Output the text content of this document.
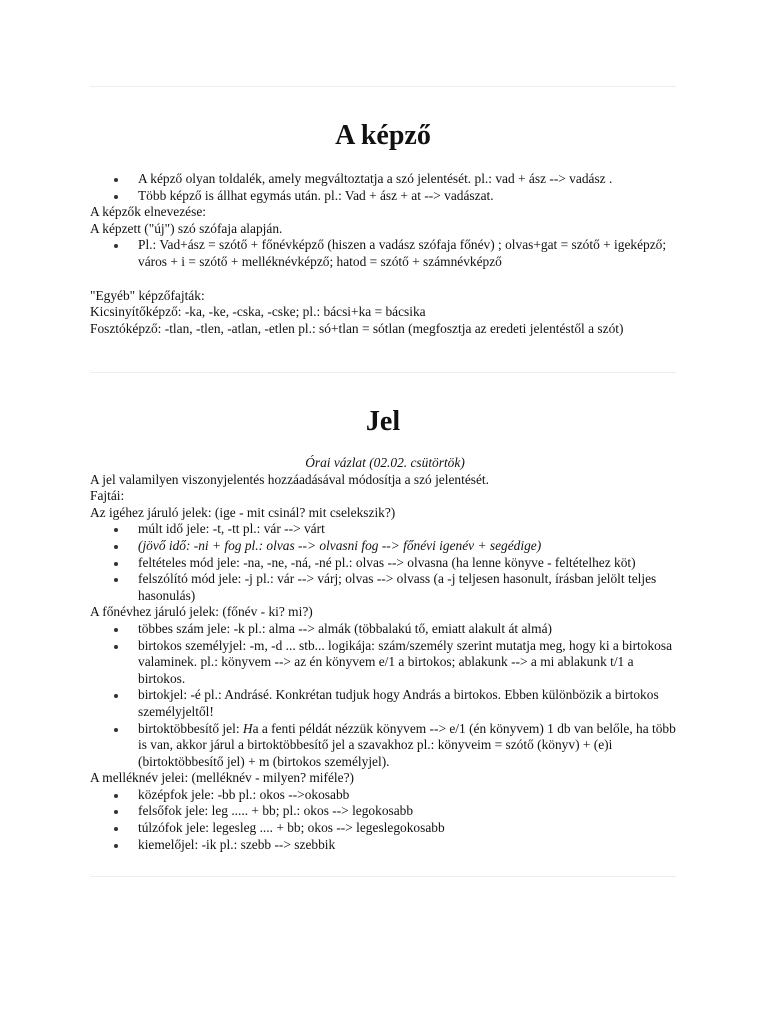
A képző
A képző olyan toldalék, amely megváltoztatja a szó jelentését. pl.: vad + ász --> vadász .
Több képző is állhat egymás után. pl.: Vad + ász + at --> vadászat.

A képzők elnevezése:

A képzett ("új") szó szófaja alapján.

Pl.: Vad+ász = szótő + főnévképző (hiszen a vadász szófaja főnév) ; olvas+gat = szótő + igeképző; város + i = szótő + melléknévképző; hatod = szótő + számnévképző

"Egyéb" képzőfajták:

Kicsinyítőképző: -ka, -ke, -cska, -cske; pl.: bácsi+ka = bácsika

Fosztóképző: -tlan, -tlen, -atlan, -etlen pl.: só+tlan = sótlan (megfosztja az eredeti jelentéstől a szót)

Jel

Órai vázlat (02.02. csütörtök)

A jel valamilyen viszonyjelentés hozzáadásával módosítja a szó jelentését.

Fajtái:

Az igéhez járuló jelek: (ige - mit csinál? mit cselekszik?)

múlt idő jele: -t, -tt pl.: vár --> várt
(jövő idő: -ni + fog pl.: olvas --> olvasni fog --> főnévi igenév + segédige)
feltételes mód jele: -na, -ne, -ná, -né pl.: olvas --> olvasna (ha lenne könyve - feltételhez köt)
felszólító mód jele: -j pl.: vár --> várj; olvas --> olvass (a -j teljesen hasonult, írásban jelölt teljes hasonulás)

A főnévhez járuló jelek: (főnév - ki? mi?)

többes szám jele: -k pl.: alma --> almák (többalakú tő, emiatt alakult át almá)
birtokos személyjel: -m, -d ... stb... logikája: szám/személy szerint mutatja meg, hogy ki a birtokosa valaminek. pl.: könyvem --> az én könyvem e/1 a birtokos; ablakunk --> a mi ablakunk t/1 a birtokos.
birtokjel: -é pl.: Andrásé. Konkrétan tudjuk hogy András a birtokos. Ebben különbözik a birtokos személyjeltől!
birtoktöbbesítő jel: Ha a fenti példát nézzük könyvem --> e/1 (én könyvem) 1 db van belőle, ha több is van, akkor járul a birtoktöbbesítő jel a szavakhoz pl.: könyveim = szótő (könyv) + (e)i (birtoktöbbesítő jel) + m (birtokos személyjel).

A melléknév jelei: (melléknév - milyen? miféle?)

középfok jele: -bb pl.: okos -->okosabb
felsőfok jele: leg ..... + bb; pl.: okos --> legokosabb
túlzófok jele: legesleg .... + bb; okos --> legeslegokosabb
kiemelőjel: -ik pl.: szebb --> szebbik
